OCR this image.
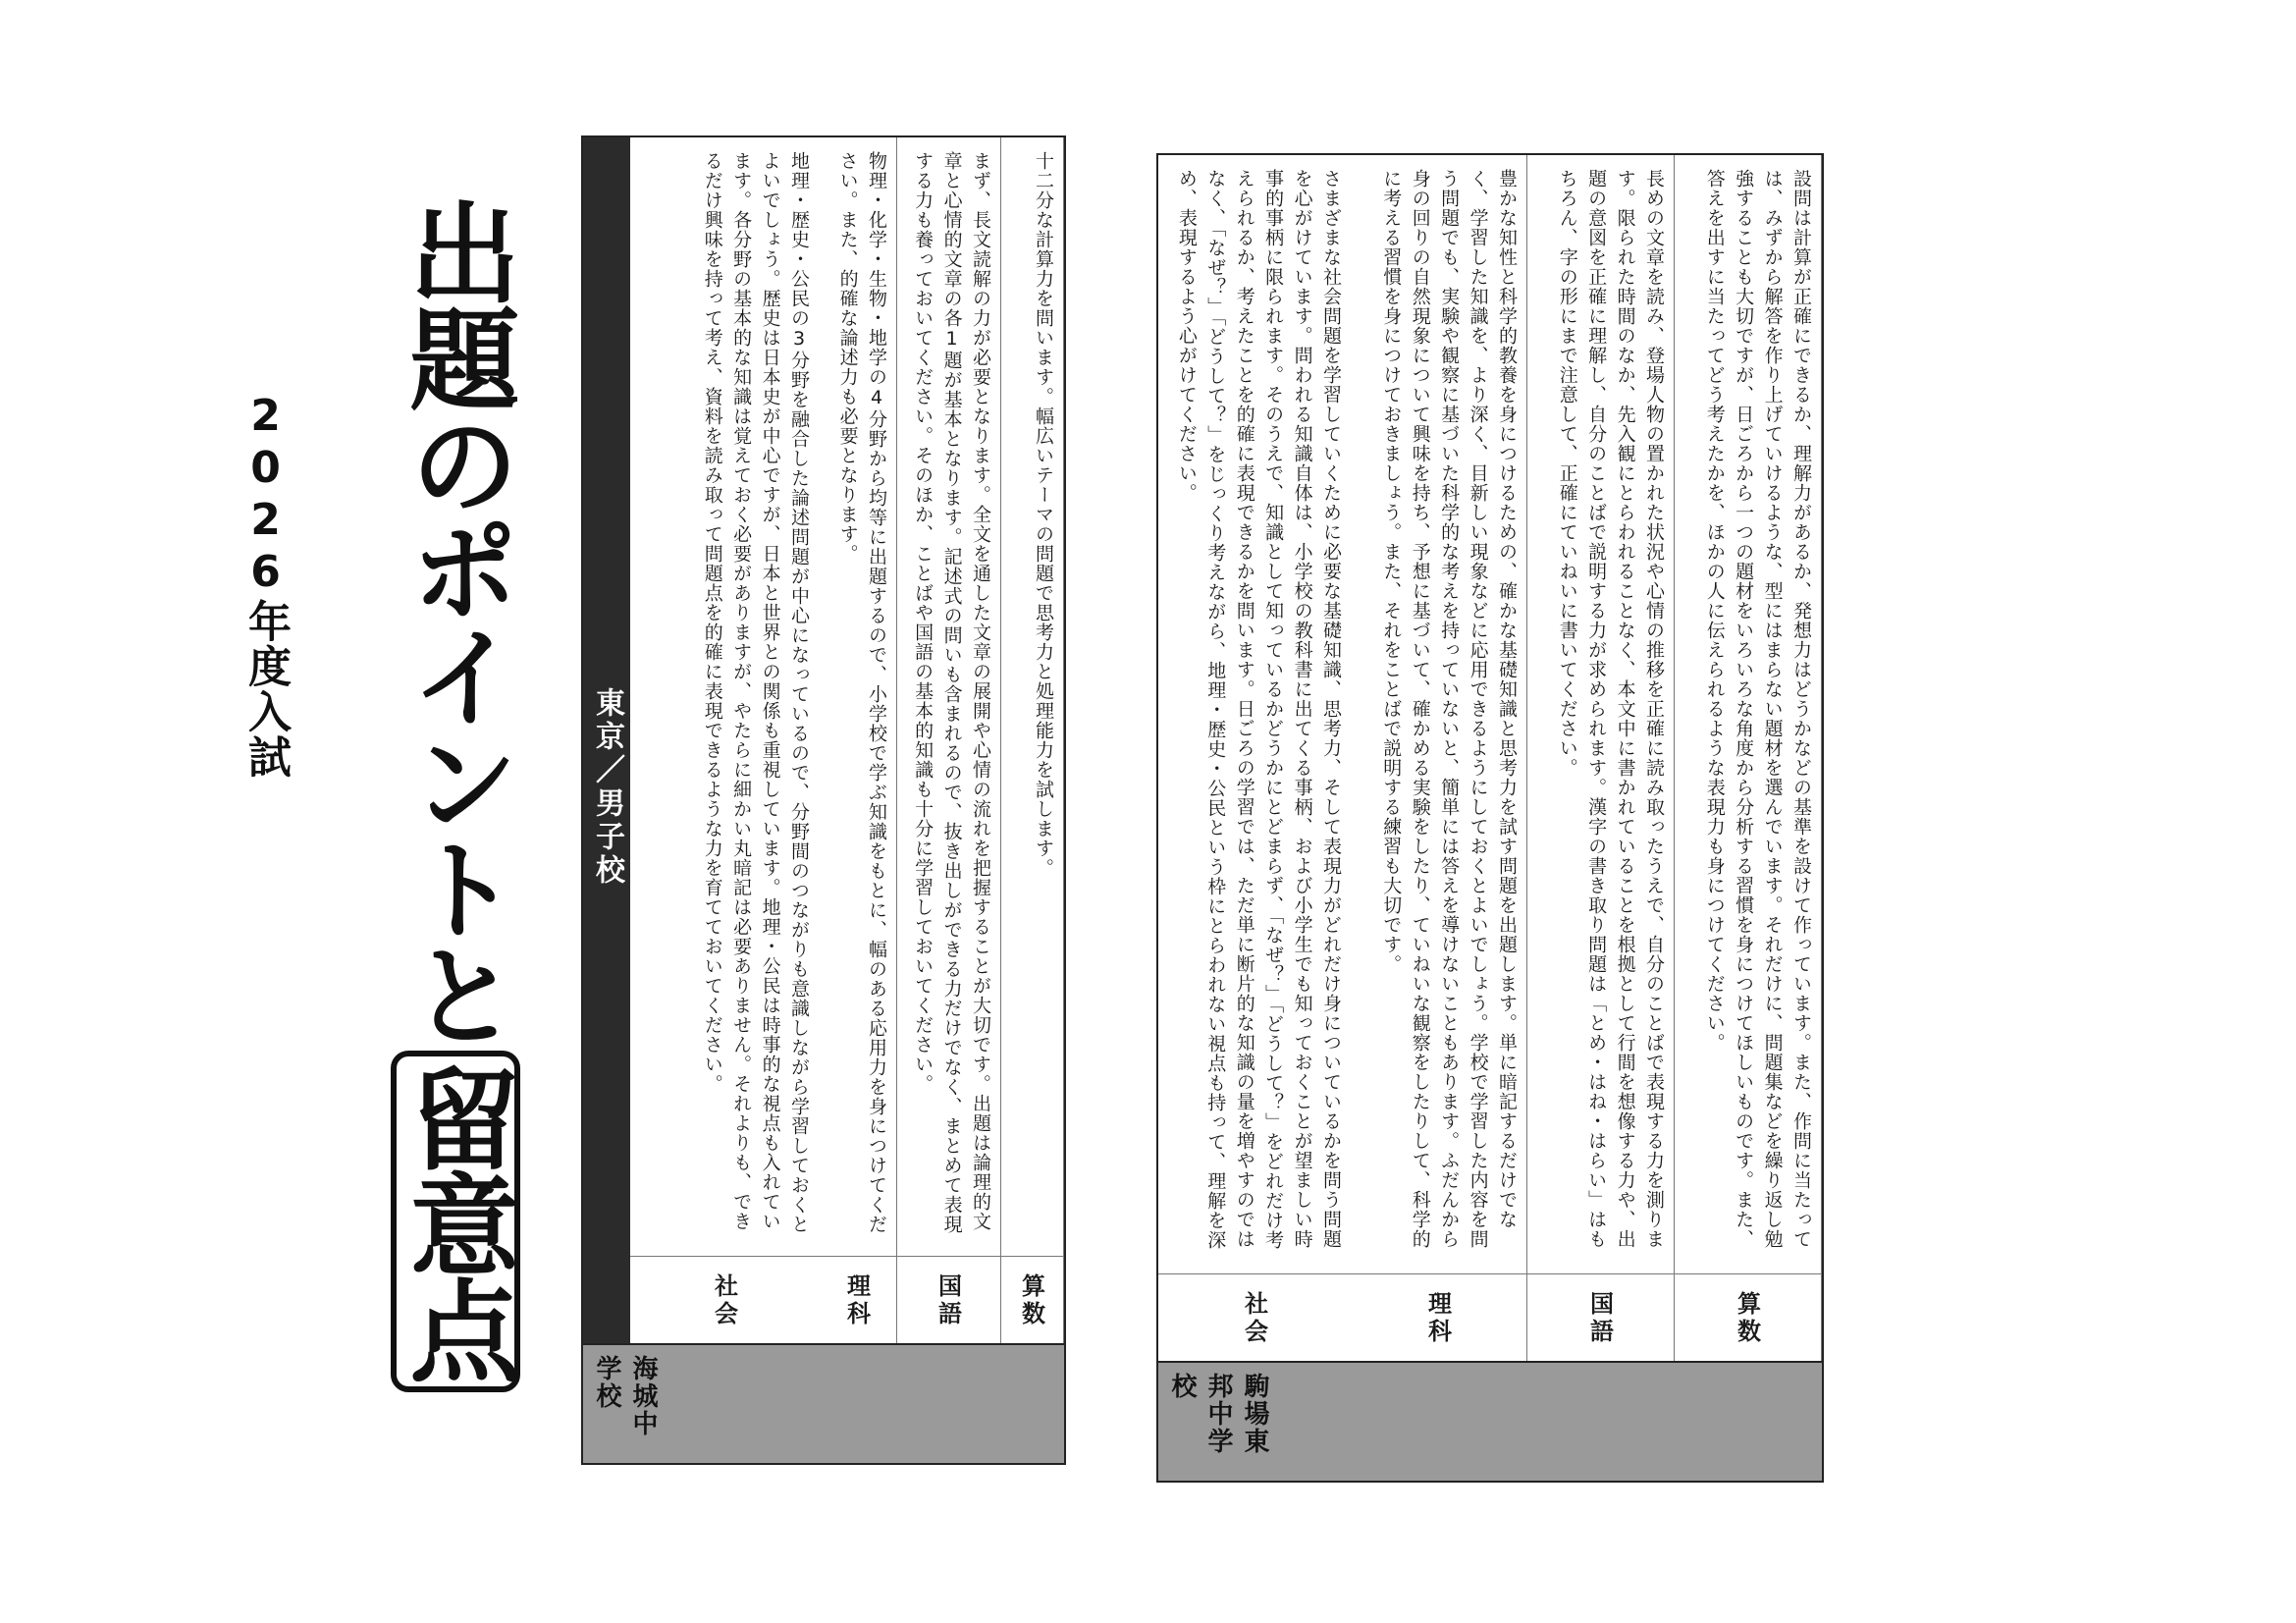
2026年度入試 出題のポイントと留意点
東京／男子校	十二分な計算力を問います。幅広いテーマの問題で思考力と処理能力を試します。
算数
まず、長文読解の力が必要となります。全文を通した文章の展開や心情の流れを把握することが大切です。出題は論理的文章と心情的文章の各1題が基本となります。記述式の問いも含まれるので、抜き出しができる力だけでなく、まとめて表現する力も養っておいてください。そのほか、ことばや国語の基本的知識も十分に学習しておいてください。
国語
物理・化学・生物・地学の4分野から均等に出題するので、小学校で学ぶ知識をもとに、幅のある応用力を身につけてください。また、的確な論述力も必要となります。
理科
地理・歴史・公民の3分野を融合した論述問題が中心になっているので、分野間のつながりも意識しながら学習しておくとよいでしょう。歴史は日本史が中心ですが、日本と世界との関係も重視しています。地理・公民は時事的な視点も入れています。各分野の基本的な知識は覚えておく必要がありますが、やたらに細かい丸暗記は必要ありません。それよりも、できるだけ興味を持って考え、資料を読み取って問題点を的確に表現できるような力を育てておいてください。
社会
海城中学校
設問は計算が正確にできるか、理解力があるか、発想力はどうかなどの基準を設けて作っています。また、作問に当たっては、みずから解答を作り上げていけるような、型にはまらない題材を選んでいます。それだけに、問題集などを繰り返し勉強することも大切ですが、日ごろから一つの題材をいろいろな角度から分析する習慣を身につけてほしいものです。また、答えを出すに当たってどう考えたかを、ほかの人に伝えられるような表現力も身につけてください。
算数
長めの文章を読み、登場人物の置かれた状況や心情の推移を正確に読み取ったうえで、自分のことばで表現する力を測ります。限られた時間のなか、先入観にとらわれることなく、本文中に書かれていることを根拠として行間を想像する力や、出題の意図を正確に理解し、自分のことばで説明する力が求められます。漢字の書き取り問題は「とめ・はね・はらい」はもちろん、字の形にまで注意して、正確にていねいに書いてください。
国語
豊かな知性と科学的教養を身につけるための、確かな基礎知識と思考力を試す問題を出題します。単に暗記するだけでなく、学習した知識を、より深く、目新しい現象などに応用できるようにしておくとよいでしょう。学校で学習した内容を問う問題でも、実験や観察に基づいた科学的な考えを持っていないと、簡単には答えを導けないこともあります。ふだんから身の回りの自然現象について興味を持ち、予想に基づいて、確かめる実験をしたり、ていねいな観察をしたりして、科学的に考える習慣を身につけておきましょう。また、それをことばで説明する練習も大切です。
理科
さまざまな社会問題を学習していくために必要な基礎知識、思考力、そして表現力がどれだけ身についているかを問う問題を心がけています。問われる知識自体は、小学校の教科書に出てくる事柄、および小学生でも知っておくことが望ましい時事的事柄に限られます。そのうえで、知識として知っているかどうかにとどまらず、「なぜ？」「どうして？」をどれだけ考えられるか、考えたことを的確に表現できるかを問います。日ごろの学習では、ただ単に断片的な知識の量を増やすのではなく、「なぜ？」「どうして？」をじっくり考えながら、地理・歴史・公民という枠にとらわれない視点も持って、理解を深め、表現するよう心がけてください。
社会
駒場東邦中学校
